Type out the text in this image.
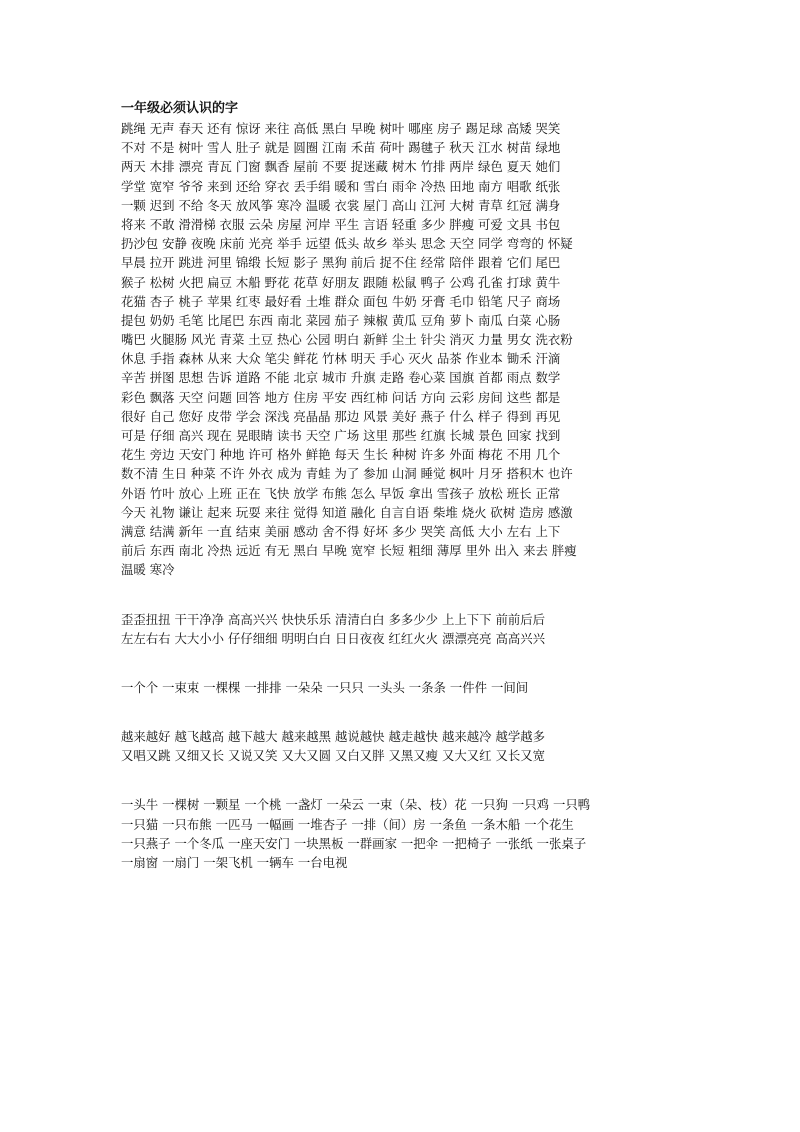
一年级必须认识的字

跳绳 无声 春天 还有 惊讶 来往 高低 黑白 早晚 树叶 哪座 房子 踢足球 高矮 哭笑

不对 不是 树叶 雪人 肚子 就是 圆圈 江南 禾苗 荷叶 踢毽子 秋天 江水 树苗 绿地

两天 木排 漂亮 青瓦 门窗 飘香 屋前 不要 捉迷藏 树木 竹排 两岸 绿色 夏天 她们

学堂 宽窄 爷爷 来到 还给 穿衣 丢手绢 暖和 雪白 雨伞 冷热 田地 南方 唱歌 纸张

一颗 迟到 不给 冬天 放风筝 寒冷 温暖 衣裳 屋门 高山 江河 大树 青草 红冠 满身

将来 不敢 滑滑梯 衣服 云朵 房屋 河岸 平生 言语 轻重 多少 胖瘦 可爱 文具 书包

扔沙包 安静 夜晚 床前 光亮 举手 远望 低头 故乡 举头 思念 天空 同学 弯弯的 怀疑

早晨 拉开 跳进 河里 锦缎 长短 影子 黑狗 前后 捉不住 经常 陪伴 跟着 它们 尾巴

猴子 松树 火把 扁豆 木船 野花 花草 好朋友 跟随 松鼠 鸭子 公鸡 孔雀 打球 黄牛

花猫 杏子 桃子 苹果 红枣 最好看 土堆 群众 面包 牛奶 牙膏 毛巾 铅笔 尺子 商场

提包 奶奶 毛笔 比尾巴 东西 南北 菜园 茄子 辣椒 黄瓜 豆角 萝卜 南瓜 白菜 心肠

嘴巴 火腿肠 风光 青菜 土豆 热心 公园 明白 新鲜 尘土 针尖 消灭 力量 男女 洗衣粉

休息 手指 森林 从来 大众 笔尖 鲜花 竹林 明天 手心 灭火 品茶 作业本 锄禾 汗滴

辛苦 拼图 思想 告诉 道路 不能 北京 城市 升旗 走路 卷心菜 国旗 首都 雨点 数学

彩色 飘落 天空 问题 回答 地方 住房 平安 西红柿 问话 方向 云彩 房间 这些 都是

很好 自己 您好 皮带 学会 深浅 亮晶晶 那边 风景 美好 燕子 什么 样子 得到 再见

可是 仔细 高兴 现在 晃眼睛 读书 天空 广场 这里 那些 红旗 长城 景色 回家 找到

花生 旁边 天安门 种地 许可 格外 鲜艳 每天 生长 种树 许多 外面 梅花 不用 几个

数不清 生日 种菜 不许 外衣 成为 青蛙 为了 参加 山洞 睡觉 枫叶 月牙 搭积木 也许

外语 竹叶 放心 上班 正在 飞快 放学 布熊 怎么 早饭 拿出 雪孩子 放松 班长 正常

今天 礼物 谦让 起来 玩耍 来往 觉得 知道 融化 自言自语 柴堆 烧火 砍树 造房 感激

满意 结满 新年 一直 结束 美丽 感动 舍不得 好坏 多少 哭笑 高低 大小 左右 上下

前后 东西 南北 冷热 远近 有无 黑白 早晚 宽窄 长短 粗细 薄厚 里外 出入 来去 胖瘦

温暖 寒冷

歪歪扭扭 干干净净 高高兴兴 快快乐乐 清清白白 多多少少 上上下下 前前后后

左左右右 大大小小 仔仔细细 明明白白 日日夜夜 红红火火 漂漂亮亮 高高兴兴

一个个 一束束 一棵棵 一排排 一朵朵 一只只 一头头 一条条 一件件 一间间

越来越好 越飞越高 越下越大 越来越黑 越说越快 越走越快 越来越冷 越学越多

又唱又跳 又细又长 又说又笑 又大又圆 又白又胖 又黑又瘦 又大又红 又长又宽

一头牛 一棵树 一颗星 一个桃 一盏灯 一朵云 一束（朵、枝）花 一只狗 一只鸡 一只鸭

一只猫 一只布熊 一匹马 一幅画 一堆杏子 一排（间）房 一条鱼 一条木船 一个花生

一只燕子 一个冬瓜 一座天安门 一块黑板 一群画家 一把伞 一把椅子 一张纸 一张桌子

一扇窗 一扇门 一架飞机 一辆车 一台电视
